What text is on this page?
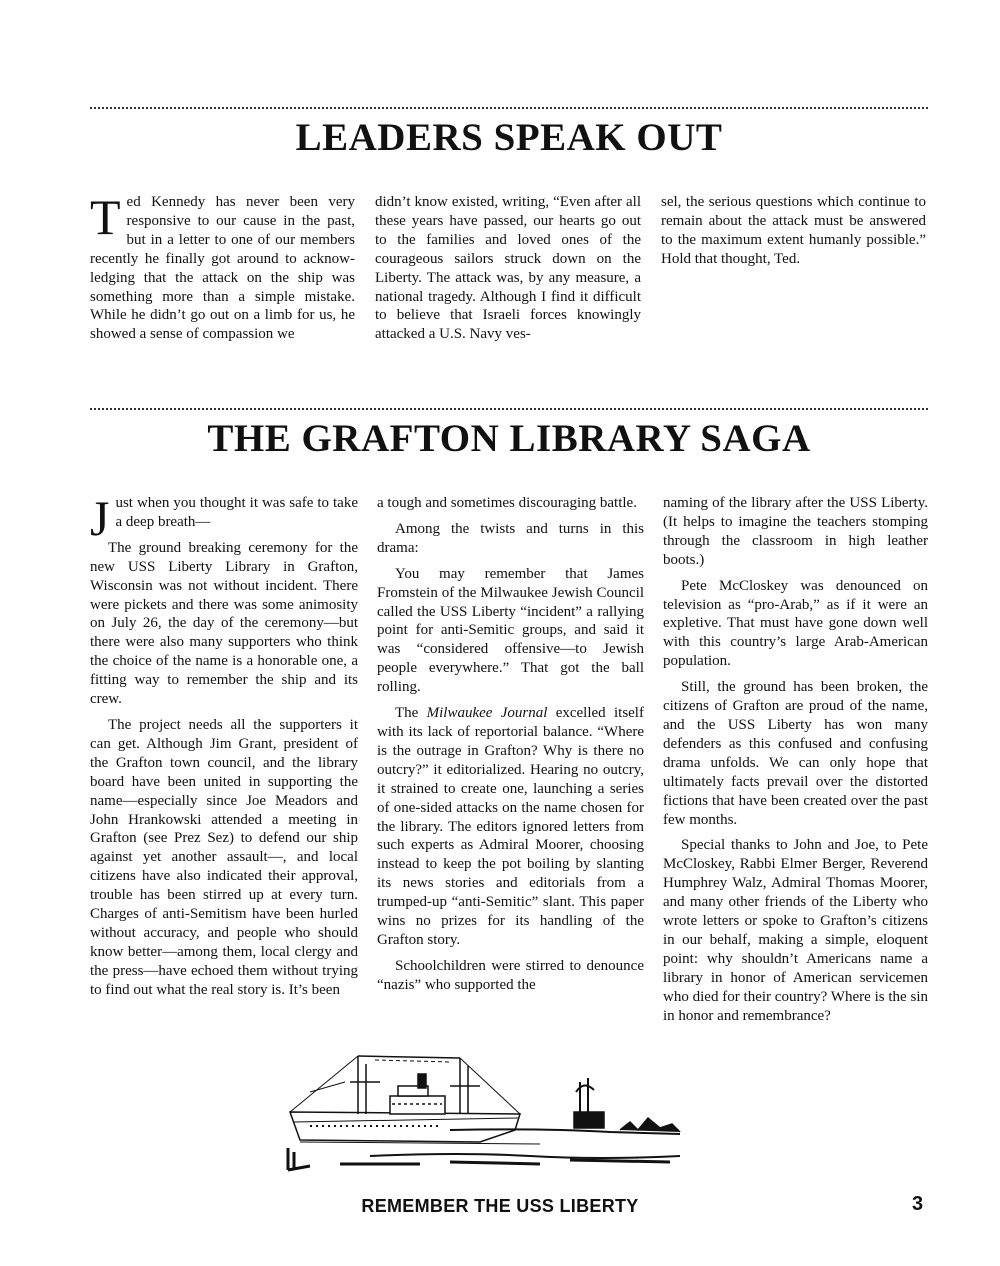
LEADERS SPEAK OUT

Ted Kennedy has never been very responsive to our cause in the past, but in a letter to one of our members recently he finally got around to acknowledging that the attack on the ship was something more than a simple mistake. While he didn’t go out on a limb for us, he showed a sense of compassion we

didn’t know existed, writing, “Even after all these years have passed, our hearts go out to the families and loved ones of the courageous sailors struck down on the Liberty. The attack was, by any measure, a national tragedy. Although I find it difficult to believe that Israeli forces knowingly attacked a U.S. Navy ves-

sel, the serious questions which continue to remain about the attack must be answered to the maximum extent humanly possible.” Hold that thought, Ted.

THE GRAFTON LIBRARY SAGA

Just when you thought it was safe to take a deep breath—

The ground breaking ceremony for the new USS Liberty Library in Grafton, Wisconsin was not without incident. There were pickets and there was some animosity on July 26, the day of the ceremony—but there were also many supporters who think the choice of the name is a honorable one, a fitting way to remember the ship and its crew.

The project needs all the supporters it can get. Although Jim Grant, president of the Grafton town council, and the library board have been united in supporting the name—especially since Joe Meadors and John Hrankowski attended a meeting in Grafton (see Prez Sez) to defend our ship against yet another assault—, and local citizens have also indicated their approval, trouble has been stirred up at every turn. Charges of anti-Semitism have been hurled without accuracy, and people who should know better—among them, local clergy and the press—have echoed them without trying to find out what the real story is. It’s been

a tough and sometimes discouraging battle.

Among the twists and turns in this drama:

You may remember that James Fromstein of the Milwaukee Jewish Council called the USS Liberty “incident” a rallying point for anti-Semitic groups, and said it was “considered offensive—to Jewish people everywhere.” That got the ball rolling.

The Milwaukee Journal excelled itself with its lack of reportorial balance. “Where is the outrage in Grafton? Why is there no outcry?” it editorialized. Hearing no outcry, it strained to create one, launching a series of one-sided attacks on the name chosen for the library. The editors ignored letters from such experts as Admiral Moorer, choosing instead to keep the pot boiling by slanting its news stories and editorials from a trumped-up “anti-Semitic” slant. This paper wins no prizes for its handling of the Grafton story.

Schoolchildren were stirred to denounce “nazis” who supported the

naming of the library after the USS Liberty. (It helps to imagine the teachers stomping through the classroom in high leather boots.)

Pete McCloskey was denounced on television as “pro-Arab,” as if it were an expletive. That must have gone down well with this country’s large Arab-American population.

Still, the ground has been broken, the citizens of Grafton are proud of the name, and the USS Liberty has won many defenders as this confused and confusing drama unfolds. We can only hope that ultimately facts prevail over the distorted fictions that have been created over the past few months.

Special thanks to John and Joe, to Pete McCloskey, Rabbi Elmer Berger, Reverend Humphrey Walz, Admiral Thomas Moorer, and many other friends of the Liberty who wrote letters or spoke to Grafton’s citizens in our behalf, making a simple, eloquent point: why shouldn’t Americans name a library in honor of American servicemen who died for their country? Where is the sin in honor and remembrance?

REMEMBER THE USS LIBERTY	3
